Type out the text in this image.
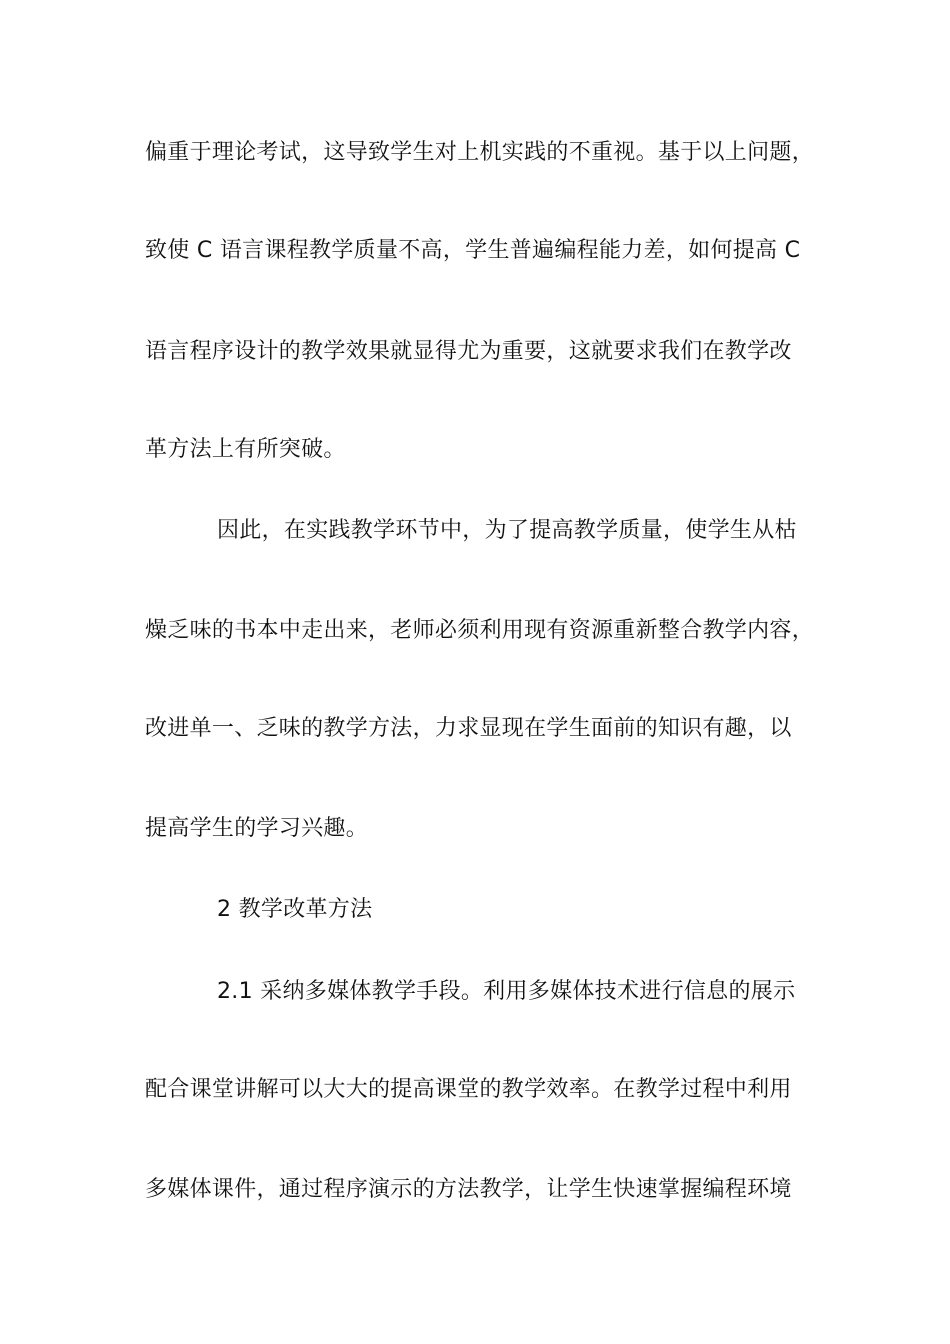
偏重于理论考试，这导致学生对上机实践的不重视。基于以上问题，
致使 C 语言课程教学质量不高，学生普遍编程能力差，如何提高 C
语言程序设计的教学效果就显得尤为重要，这就要求我们在教学改
革方法上有所突破。
因此，在实践教学环节中，为了提高教学质量，使学生从枯
燥乏味的书本中走出来，老师必须利用现有资源重新整合教学内容，
改进单一、乏味的教学方法，力求显现在学生面前的知识有趣，以
提高学生的学习兴趣。
2 教学改革方法
2.1 采纳多媒体教学手段。利用多媒体技术进行信息的展示
配合课堂讲解可以大大的提高课堂的教学效率。在教学过程中利用
多媒体课件，通过程序演示的方法教学，让学生快速掌握编程环境
